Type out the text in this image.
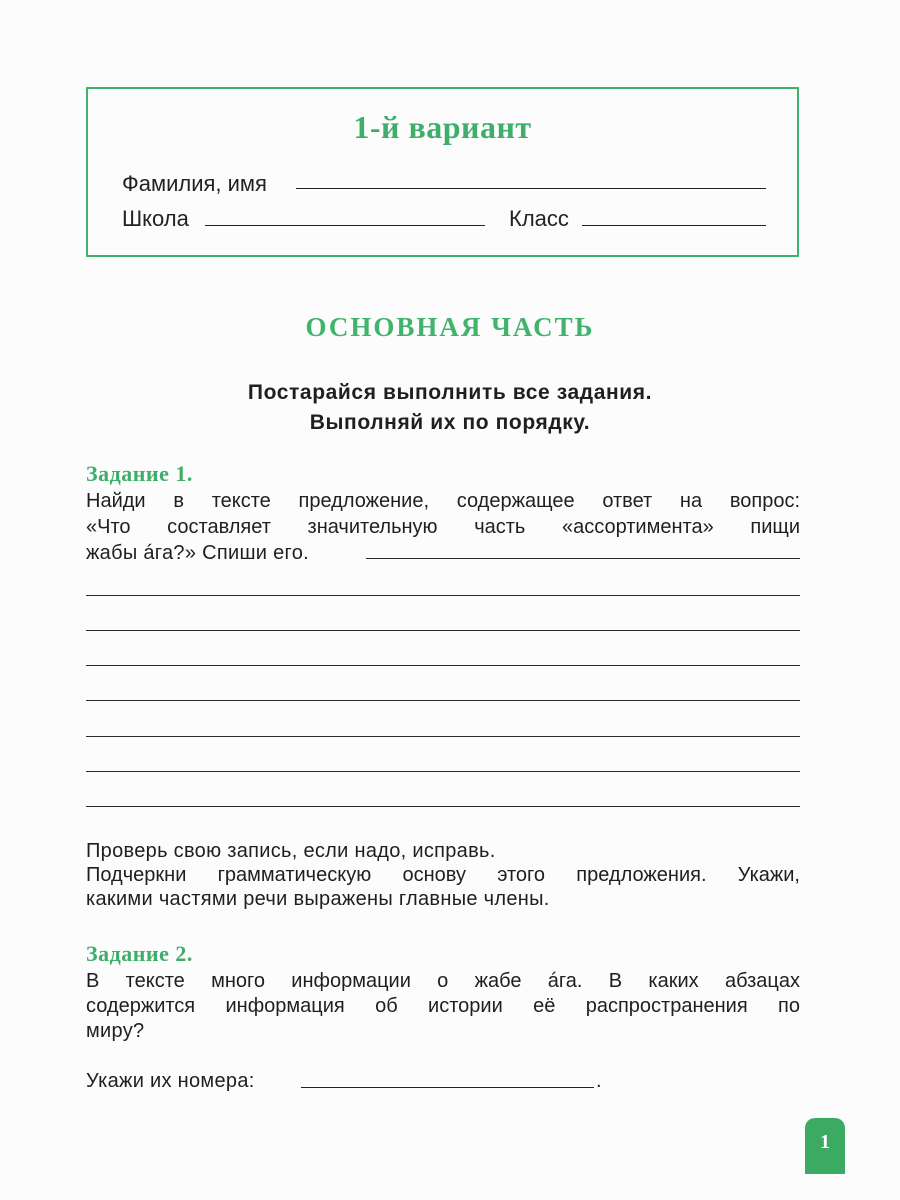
1-й вариант
Фамилия, имя
Школа	Класс
ОСНОВНАЯ ЧАСТЬ
Постарайся выполнить все задания.
Выполняй их по порядку.
Задание 1.
Найди в тексте предложение, содержащее ответ на вопрос:
«Что составляет значительную часть «ассортимента» пищи
жабы áга?» Спиши его.
Проверь свою запись, если надо, исправь.
Подчеркни грамматическую основу этого предложения. Укажи,
какими частями речи выражены главные члены.
Задание 2.
В тексте много информации о жабе áга. В каких абзацах
содержится информация об истории её распространения по
миру?
Укажи их номера:	.
1
